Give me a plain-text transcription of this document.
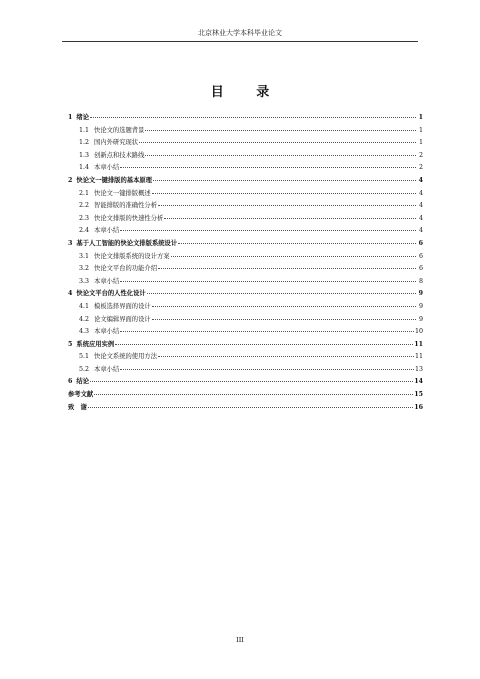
北京林业大学本科毕业论文
目 录
1 绪论	1
1.1 快论文的选题背景	1
1.2 国内外研究现状	1
1.3 创新点和技术路线	2
1.4 本章小结	2
2 快论文一键排版的基本原理	4
2.1 快论文一键排版概述	4
2.2 智能排版的准确性分析	4
2.3 快论文排版的快速性分析	4
2.4 本章小结	4
3 基于人工智能的快论文排版系统设计	6
3.1 快论文排版系统的设计方案	6
3.2 快论文平台的功能介绍	6
3.3 本章小结	8
4 快论文平台的人性化设计	9
4.1 模板选择界面的设计	9
4.2 论文编辑界面的设计	9
4.3 本章小结	10
5 系统应用实例	11
5.1 快论文系统的使用方法	11
5.2 本章小结	13
6 结论	14
参考文献	15
致　谢	16
III
